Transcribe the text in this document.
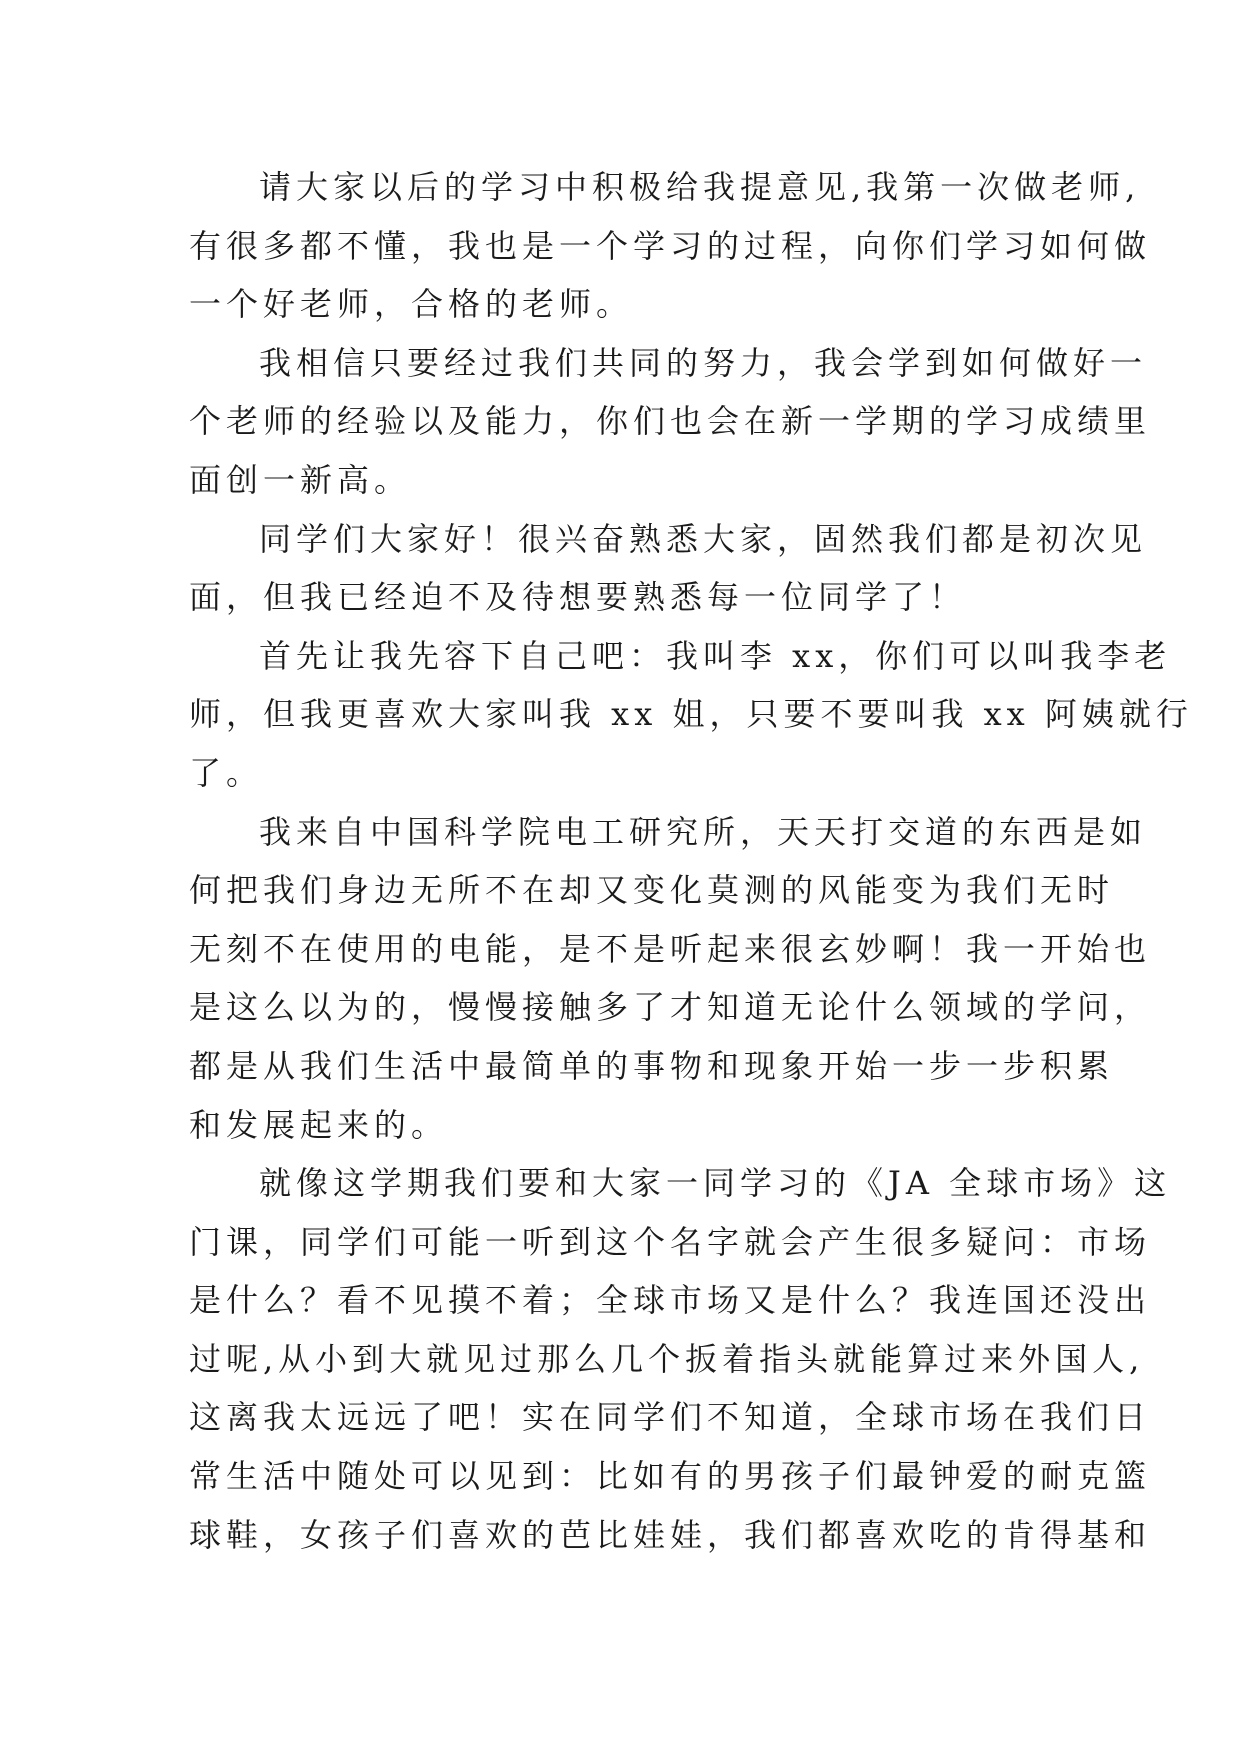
请大家以后的学习中积极给我提意见,我第一次做老师,
有很多都不懂，我也是一个学习的过程，向你们学习如何做
一个好老师，合格的老师。
我相信只要经过我们共同的努力，我会学到如何做好一
个老师的经验以及能力，你们也会在新一学期的学习成绩里
面创一新高。
同学们大家好！很兴奋熟悉大家，固然我们都是初次见
面，但我已经迫不及待想要熟悉每一位同学了！
首先让我先容下自己吧：我叫李 xx，你们可以叫我李老
师，但我更喜欢大家叫我 xx 姐，只要不要叫我 xx 阿姨就行
了。
我来自中国科学院电工研究所，天天打交道的东西是如
何把我们身边无所不在却又变化莫测的风能变为我们无时
无刻不在使用的电能，是不是听起来很玄妙啊！我一开始也
是这么以为的，慢慢接触多了才知道无论什么领域的学问，
都是从我们生活中最简单的事物和现象开始一步一步积累
和发展起来的。
就像这学期我们要和大家一同学习的《JA 全球市场》这
门课，同学们可能一听到这个名字就会产生很多疑问：市场
是什么？看不见摸不着；全球市场又是什么？我连国还没出
过呢,从小到大就见过那么几个扳着指头就能算过来外国人,
这离我太远远了吧！实在同学们不知道，全球市场在我们日
常生活中随处可以见到：比如有的男孩子们最钟爱的耐克篮
球鞋，女孩子们喜欢的芭比娃娃，我们都喜欢吃的肯得基和
